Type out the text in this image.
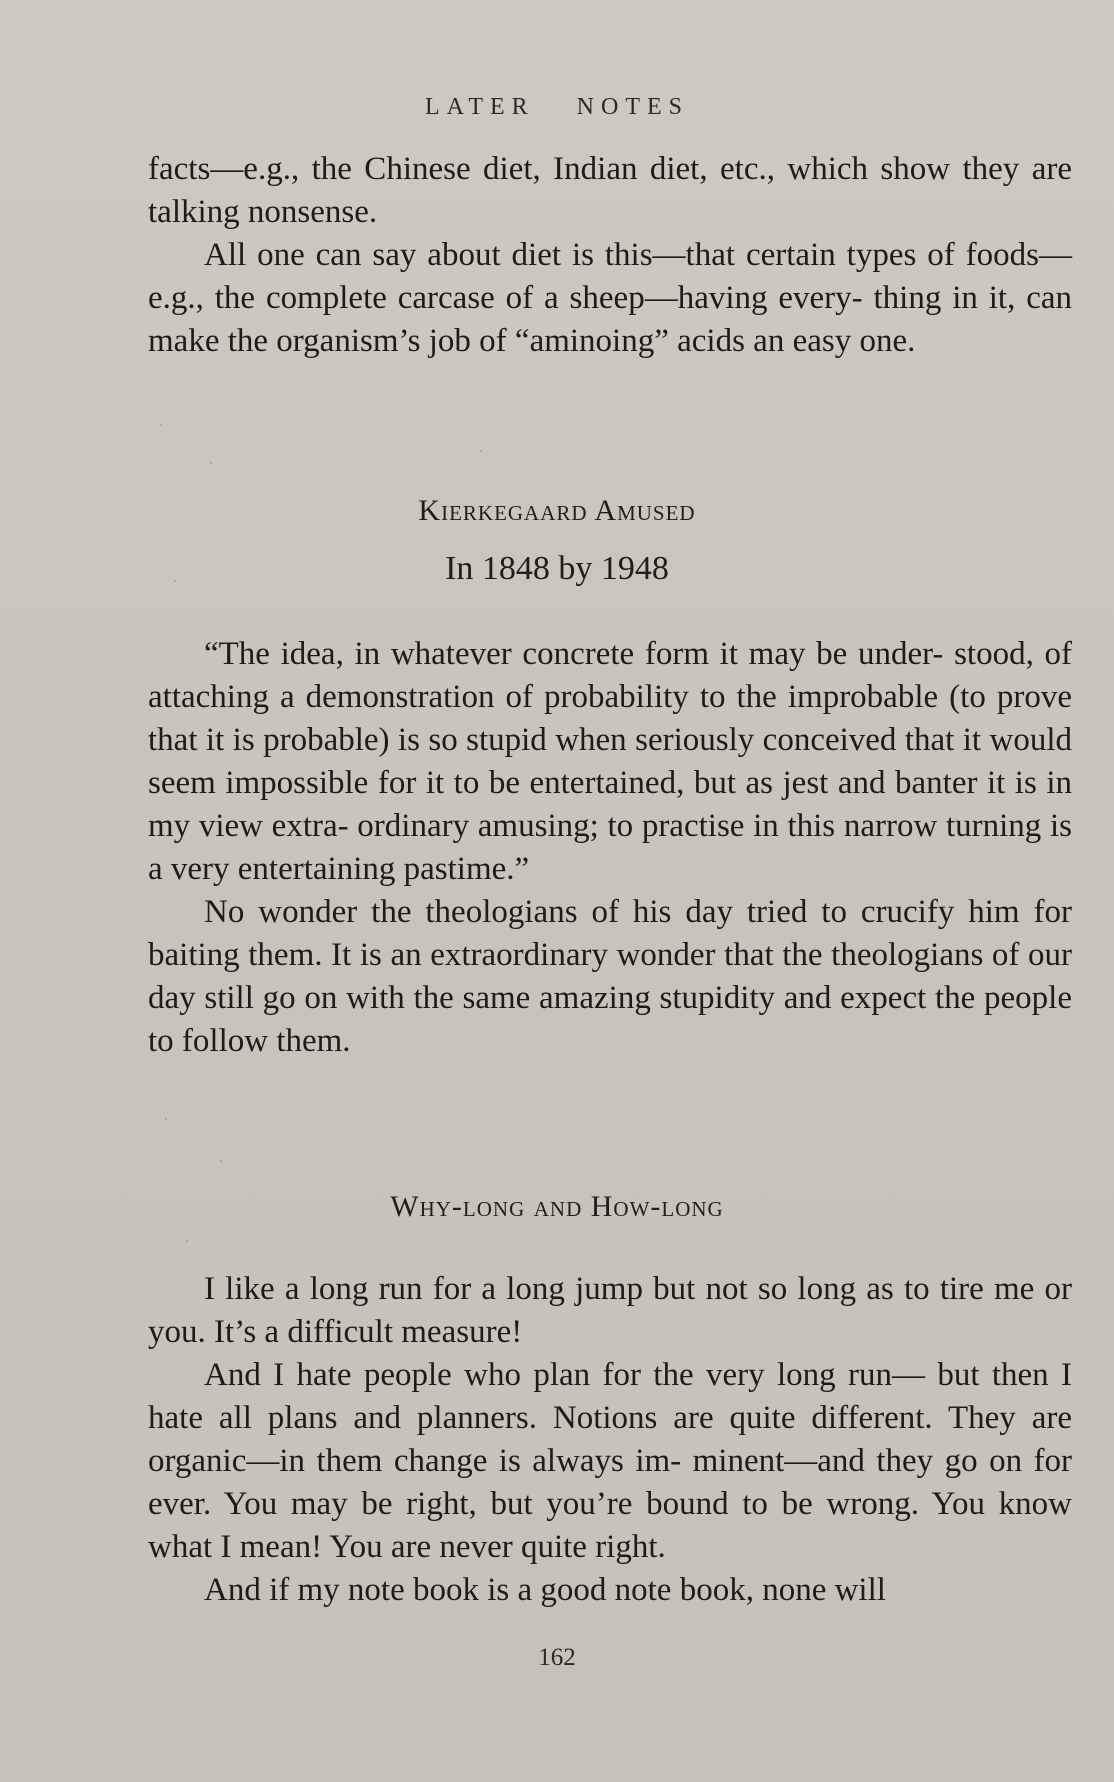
LATER NOTES

facts—e.g., the Chinese diet, Indian diet, etc., which show they are talking nonsense.

All one can say about diet is this—that certain types of foods—e.g., the complete carcase of a sheep—having every- thing in it, can make the organism’s job of “aminoing” acids an easy one.

Kierkegaard Amused
In 1848 by 1948

“The idea, in whatever concrete form it may be under- stood, of attaching a demonstration of probability to the improbable (to prove that it is probable) is so stupid when seriously conceived that it would seem impossible for it to be entertained, but as jest and banter it is in my view extra- ordinary amusing; to practise in this narrow turning is a very entertaining pastime.”

No wonder the theologians of his day tried to crucify him for baiting them. It is an extraordinary wonder that the theologians of our day still go on with the same amazing stupidity and expect the people to follow them.

Why-long and How-long

I like a long run for a long jump but not so long as to tire me or you. It’s a difficult measure!

And I hate people who plan for the very long run— but then I hate all plans and planners. Notions are quite different. They are organic—in them change is always im- minent—and they go on for ever. You may be right, but you’re bound to be wrong. You know what I mean! You are never quite right.

And if my note book is a good note book, none will

162
